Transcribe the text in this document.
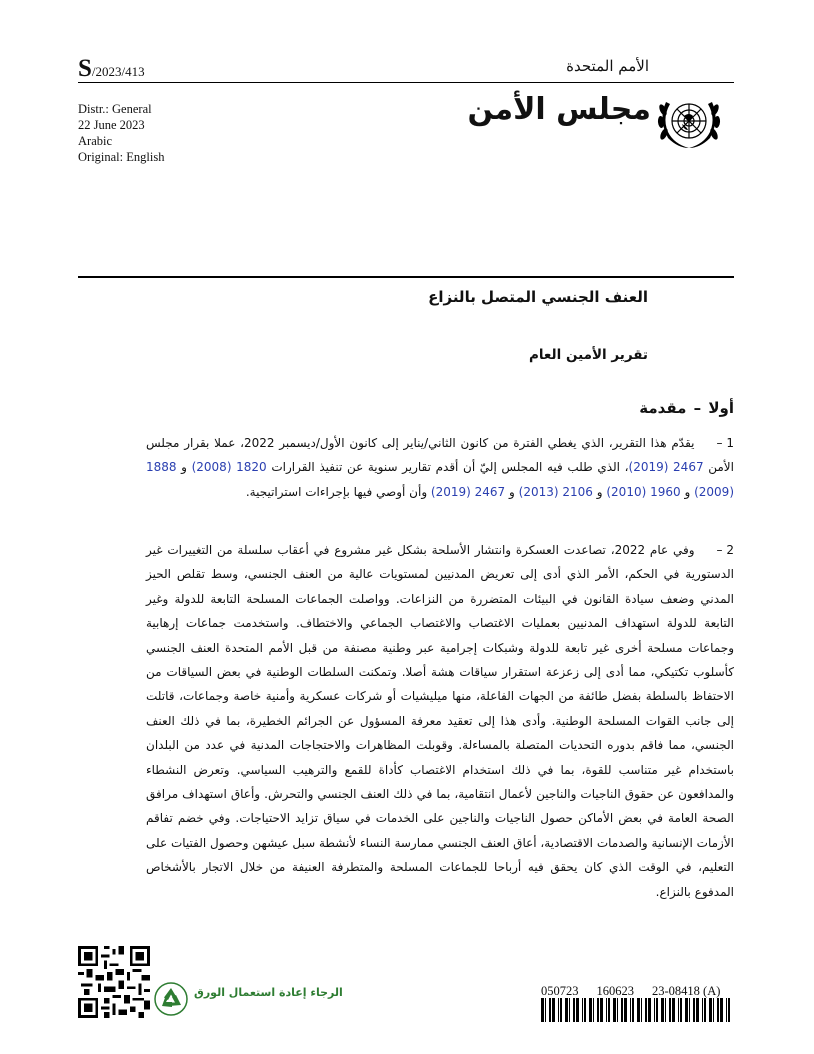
S/2023/413	الأمم المتحدة
Distr.: General
22 June 2023
Arabic
Original: English
مجلس الأمن
العنف الجنسي المتصل بالنزاع
تقرير الأمين العام
أولا – مقدمة
1 –يقدّم هذا التقرير، الذي يغطي الفترة من كانون الثاني/يناير إلى كانون الأول/ديسمبر 2022، عملا بقرار مجلس الأمن 2467 (2019)، الذي طلب فيه المجلس إليّ أن أقدم تقارير سنوية عن تنفيذ القرارات 1820 (2008) و 1888 (2009) و 1960 (2010) و 2106 (2013) و 2467 (2019) وأن أوصي فيها بإجراءات استراتيجية.
2 –وفي عام 2022، تصاعدت العسكرة وانتشار الأسلحة بشكل غير مشروع في أعقاب سلسلة من التغييرات غير الدستورية في الحكم، الأمر الذي أدى إلى تعريض المدنيين لمستويات عالية من العنف الجنسي، وسط تقلص الحيز المدني وضعف سيادة القانون في البيئات المتضررة من النزاعات. وواصلت الجماعات المسلحة التابعة للدولة وغير التابعة للدولة استهداف المدنيين بعمليات الاغتصاب والاغتصاب الجماعي والاختطاف. واستخدمت جماعات إرهابية وجماعات مسلحة أخرى غير تابعة للدولة وشبكات إجرامية عبر وطنية مصنفة من قبل الأمم المتحدة العنف الجنسي كأسلوب تكتيكي، مما أدى إلى زعزعة استقرار سياقات هشة أصلا. وتمكنت السلطات الوطنية في بعض السياقات من الاحتفاظ بالسلطة بفضل طائفة من الجهات الفاعلة، منها ميليشيات أو شركات عسكرية وأمنية خاصة وجماعات، قاتلت إلى جانب القوات المسلحة الوطنية. وأدى هذا إلى تعقيد معرفة المسؤول عن الجرائم الخطيرة، بما في ذلك العنف الجنسي، مما فاقم بدوره التحديات المتصلة بالمساءلة. وقوبلت المظاهرات والاحتجاجات المدنية في عدد من البلدان باستخدام غير متناسب للقوة، بما في ذلك استخدام الاغتصاب كأداة للقمع والترهيب السياسي. وتعرض النشطاء والمدافعون عن حقوق الناجيات والناجين لأعمال انتقامية، بما في ذلك العنف الجنسي والتحرش. وأعاق استهداف مرافق الصحة العامة في بعض الأماكن حصول الناجيات والناجين على الخدمات في سياق تزايد الاحتياجات. وفي خضم تفاقم الأزمات الإنسانية والصدمات الاقتصادية، أعاق العنف الجنسي ممارسة النساء لأنشطة سبل عيشهن وحصول الفتيات على التعليم، في الوقت الذي كان يحقق فيه أرباحا للجماعات المسلحة والمتطرفة العنيفة من خلال الاتجار بالأشخاص المدفوع بالنزاع.
الرجاء إعادة استعمال الورق	050723 160623 23-08418 (A)
